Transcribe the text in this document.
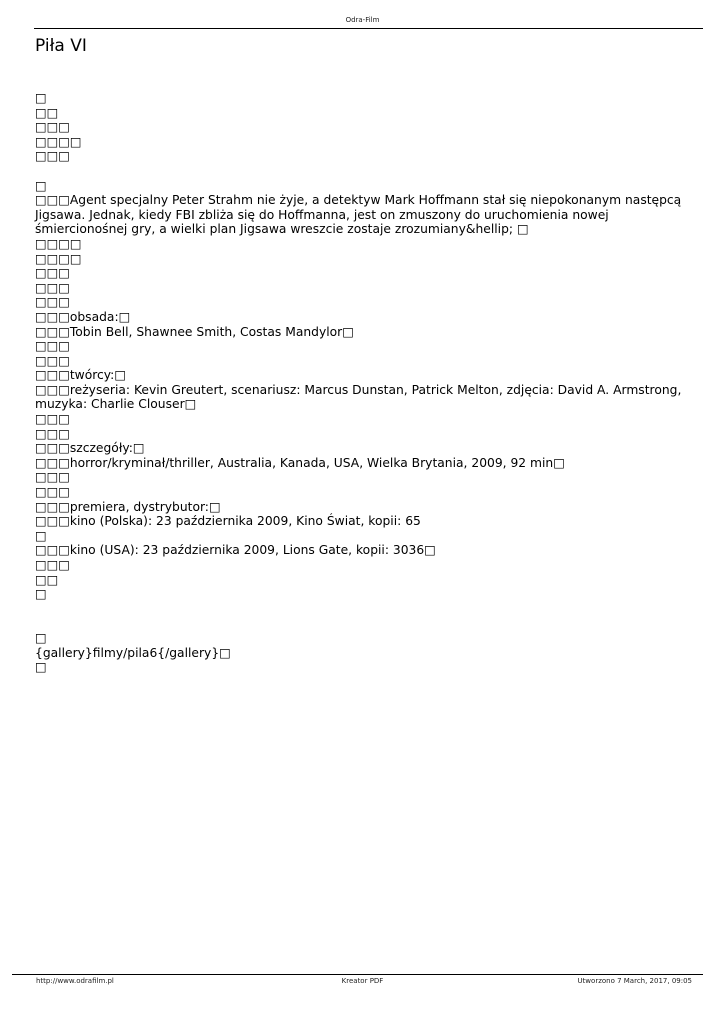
Odra-Film
Piła VI
□
□□
□□□
□□□□
□□□
□
□□□Agent specjalny Peter Strahm nie żyje, a detektyw Mark Hoffmann stał się niepokonanym następcą Jigsawa. Jednak, kiedy FBI zbliża się do Hoffmanna, jest on zmuszony do uruchomienia nowej śmiercionośnej gry, a wielki plan Jigsawa wreszcie zostaje zrozumiany&hellip; □
□□□□
□□□□
□□□
□□□
□□□
□□□obsada:□
□□□Tobin Bell, Shawnee Smith, Costas Mandylor□
□□□
□□□
□□□twórcy:□
□□□reżyseria: Kevin Greutert, scenariusz: Marcus Dunstan, Patrick Melton, zdjęcia: David A. Armstrong, muzyka: Charlie Clouser□
□□□
□□□
□□□szczegóły:□
□□□horror/kryminał/thriller, Australia, Kanada, USA, Wielka Brytania, 2009, 92 min□
□□□
□□□
□□□premiera, dystrybutor:□
□□□kino (Polska): 23 października 2009, Kino Świat, kopii: 65
□
□□□kino (USA): 23 października 2009, Lions Gate, kopii: 3036□
□□□
□□
□
□
{gallery}filmy/pila6{/gallery}□
□
http://www.odrafilm.pl	Kreator PDF	Utworzono 7 March, 2017, 09:05
